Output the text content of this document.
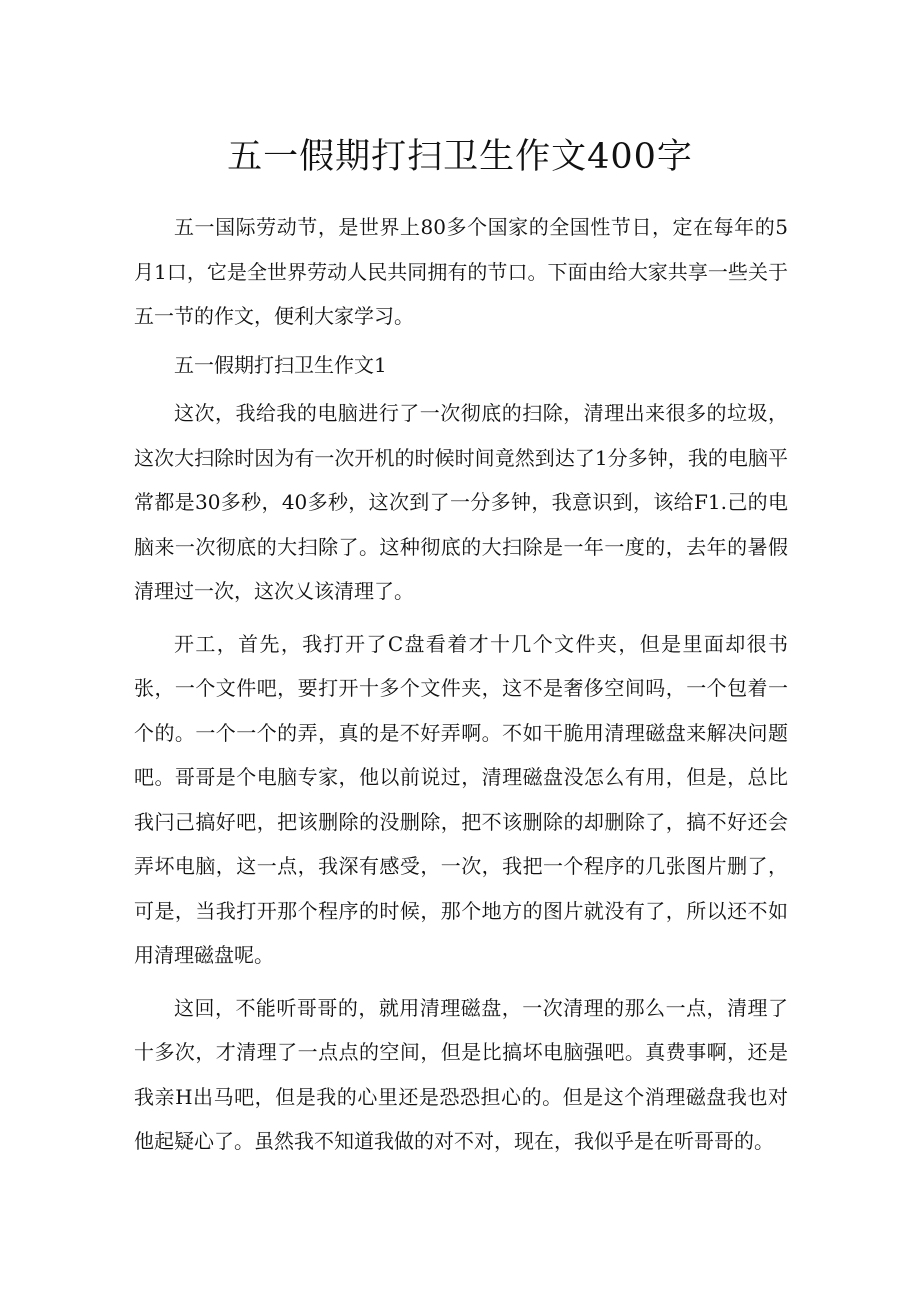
五一假期打扫卫生作文400字

五一国际劳动节，是世界上80多个国家的全国性节日，定在每年的5月1口，它是全世界劳动人民共同拥有的节口。下面由给大家共享一些关于五一节的作文，便利大家学习。

五一假期打扫卫生作文1

这次，我给我的电脑进行了一次彻底的扫除，清理出来很多的垃圾，这次大扫除时因为有一次开机的时候时间竟然到达了1分多钟，我的电脑平常都是30多秒，40多秒，这次到了一分多钟，我意识到，该给F1.己的电脑来一次彻底的大扫除了。这种彻底的大扫除是一年一度的，去年的暑假清理过一次，这次乂该清理了。

开工，首先，我打开了C盘看着才十几个文件夹，但是里面却很书张，一个文件吧，要打开十多个文件夹，这不是奢侈空间吗，一个包着一个的。一个一个的弄，真的是不好弄啊。不如干脆用清理磁盘来解决问题吧。哥哥是个电脑专家，他以前说过，清理磁盘没怎么有用，但是，总比我闩己搞好吧，把该删除的没删除，把不该删除的却删除了，搞不好还会弄坏电脑，这一点，我深有感受，一次，我把一个程序的几张图片删了，可是，当我打开那个程序的时候，那个地方的图片就没有了，所以还不如用清理磁盘呢。

这回，不能听哥哥的，就用清理磁盘，一次清理的那么一点，清理了十多次，才清理了一点点的空间，但是比搞坏电脑强吧。真费事啊，还是我亲H出马吧，但是我的心里还是恐恐担心的。但是这个消理磁盘我也对他起疑心了。虽然我不知道我做的对不对，现在，我似乎是在听哥哥的。
